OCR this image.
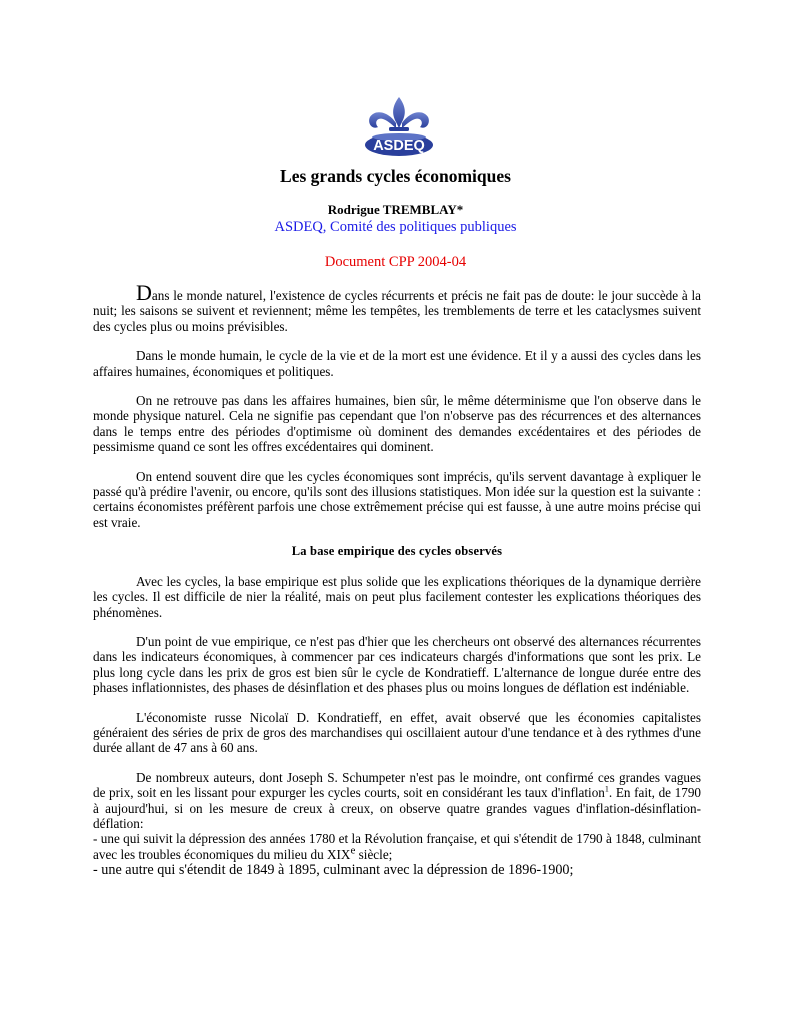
ASDEQ
Les grands cycles économiques
Rodrigue TREMBLAY*
ASDEQ, Comité des politiques publiques
Document CPP 2004-04

Dans le monde naturel, l'existence de cycles récurrents et précis ne fait pas de doute: le jour succède à la nuit; les saisons se suivent et reviennent; même les tempêtes, les tremblements de terre et les cataclysmes suivent des cycles plus ou moins prévisibles.

Dans le monde humain, le cycle de la vie et de la mort est une évidence. Et il y a aussi des cycles dans les affaires humaines, économiques et politiques.

On ne retrouve pas dans les affaires humaines, bien sûr, le même déterminisme que l'on observe dans le monde physique naturel. Cela ne signifie pas cependant que l'on n'observe pas des récurrences et des alternances dans le temps entre des périodes d'optimisme où dominent des demandes excédentaires et des périodes de pessimisme quand ce sont les offres excédentaires qui dominent.

On entend souvent dire que les cycles économiques sont imprécis, qu'ils servent davantage à expliquer le passé qu'à prédire l'avenir, ou encore, qu'ils sont des illusions statistiques. Mon idée sur la question est la suivante : certains économistes préfèrent parfois une chose extrêmement précise qui est fausse, à une autre moins précise qui est vraie.

La base empirique des cycles observés

Avec les cycles, la base empirique est plus solide que les explications théoriques de la dynamique derrière les cycles. Il est difficile de nier la réalité, mais on peut plus facilement contester les explications théoriques des phénomènes.

D'un point de vue empirique, ce n'est pas d'hier que les chercheurs ont observé des alternances récurrentes dans les indicateurs économiques, à commencer par ces indicateurs chargés d'informations que sont les prix. Le plus long cycle dans les prix de gros est bien sûr le cycle de Kondratieff. L'alternance de longue durée entre des phases inflationnistes, des phases de désinflation et des phases plus ou moins longues de déflation est indéniable.

L'économiste russe Nicolaï D. Kondratieff, en effet, avait observé que les économies capitalistes généraient des séries de prix de gros des marchandises qui oscillaient autour d'une tendance et à des rythmes d'une durée allant de 47 ans à 60 ans.

De nombreux auteurs, dont Joseph S. Schumpeter n'est pas le moindre, ont confirmé ces grandes vagues de prix, soit en les lissant pour expurger les cycles courts, soit en considérant les taux d'inflation$^1$. En fait, de 1790 à aujourd'hui, si on les mesure de creux à creux, on observe quatre grandes vagues d'inflation-désinflation-déflation:

- une qui suivit la dépression des années 1780 et la Révolution française, et qui s'étendit de 1790 à 1848, culminant avec les troubles économiques du milieu du XIXe siècle;
- une autre qui s'étendit de 1849 à 1895, culminant avec la dépression de 1896-1900;
